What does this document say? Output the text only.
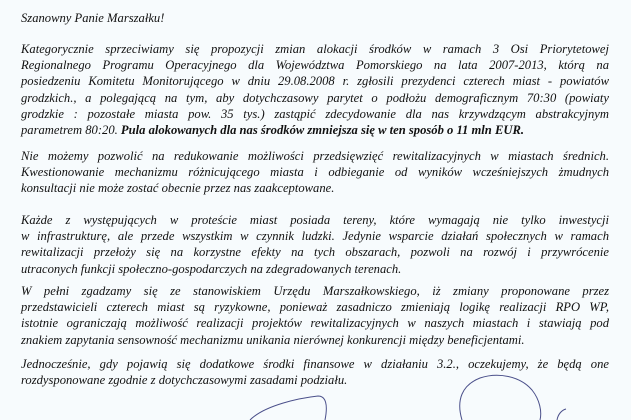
Szanowny Panie Marszałku!
Kategorycznie sprzeciwiamy się propozycji zmian alokacji środków w ramach 3 Osi Priorytetowej
Regionalnego Programu Operacyjnego dla Województwa Pomorskiego na lata 2007-2013, którą na
posiedzeniu Komitetu Monitorującego w dniu 29.08.2008 r. zgłosili prezydenci czterech miast - powiatów
grodzkich., a polegającą na tym, aby dotychczasowy parytet o podłożu demograficznym 70:30 (powiaty
grodzkie : pozostałe miasta pow. 35 tys.) zastąpić zdecydowanie dla nas krzywdzącym abstrakcyjnym
parametrem 80:20. Pula alokowanych dla nas środków zmniejsza się w ten sposób o 11 mln EUR.
Nie możemy pozwolić na redukowanie możliwości przedsięwzięć rewitalizacyjnych w miastach średnich.
Kwestionowanie mechanizmu różnicującego miasta i odbieganie od wyników wcześniejszych żmudnych
konsultacji nie może zostać obecnie przez nas zaakceptowane.
Każde z występujących w proteście miast posiada tereny, które wymagają nie tylko inwestycji
w infrastrukturę, ale przede wszystkim w czynnik ludzki. Jedynie wsparcie działań społecznych w ramach
rewitalizacji przełoży się na korzystne efekty na tych obszarach, pozwoli na rozwój i przywrócenie
utraconych funkcji społeczno-gospodarczych na zdegradowanych terenach.
W pełni zgadzamy się ze stanowiskiem Urzędu Marszałkowskiego, iż zmiany proponowane przez
przedstawicieli czterech miast są ryzykowne, ponieważ zasadniczo zmieniają logikę realizacji RPO WP,
istotnie ograniczają możliwość realizacji projektów rewitalizacyjnych w naszych miastach i stawiają pod
znakiem zapytania sensowność mechanizmu unikania nierównej konkurencji między beneficjentami.
Jednocześnie, gdy pojawią się dodatkowe środki finansowe w działaniu 3.2., oczekujemy, że będą one
rozdysponowane zgodnie z dotychczasowymi zasadami podziału.
